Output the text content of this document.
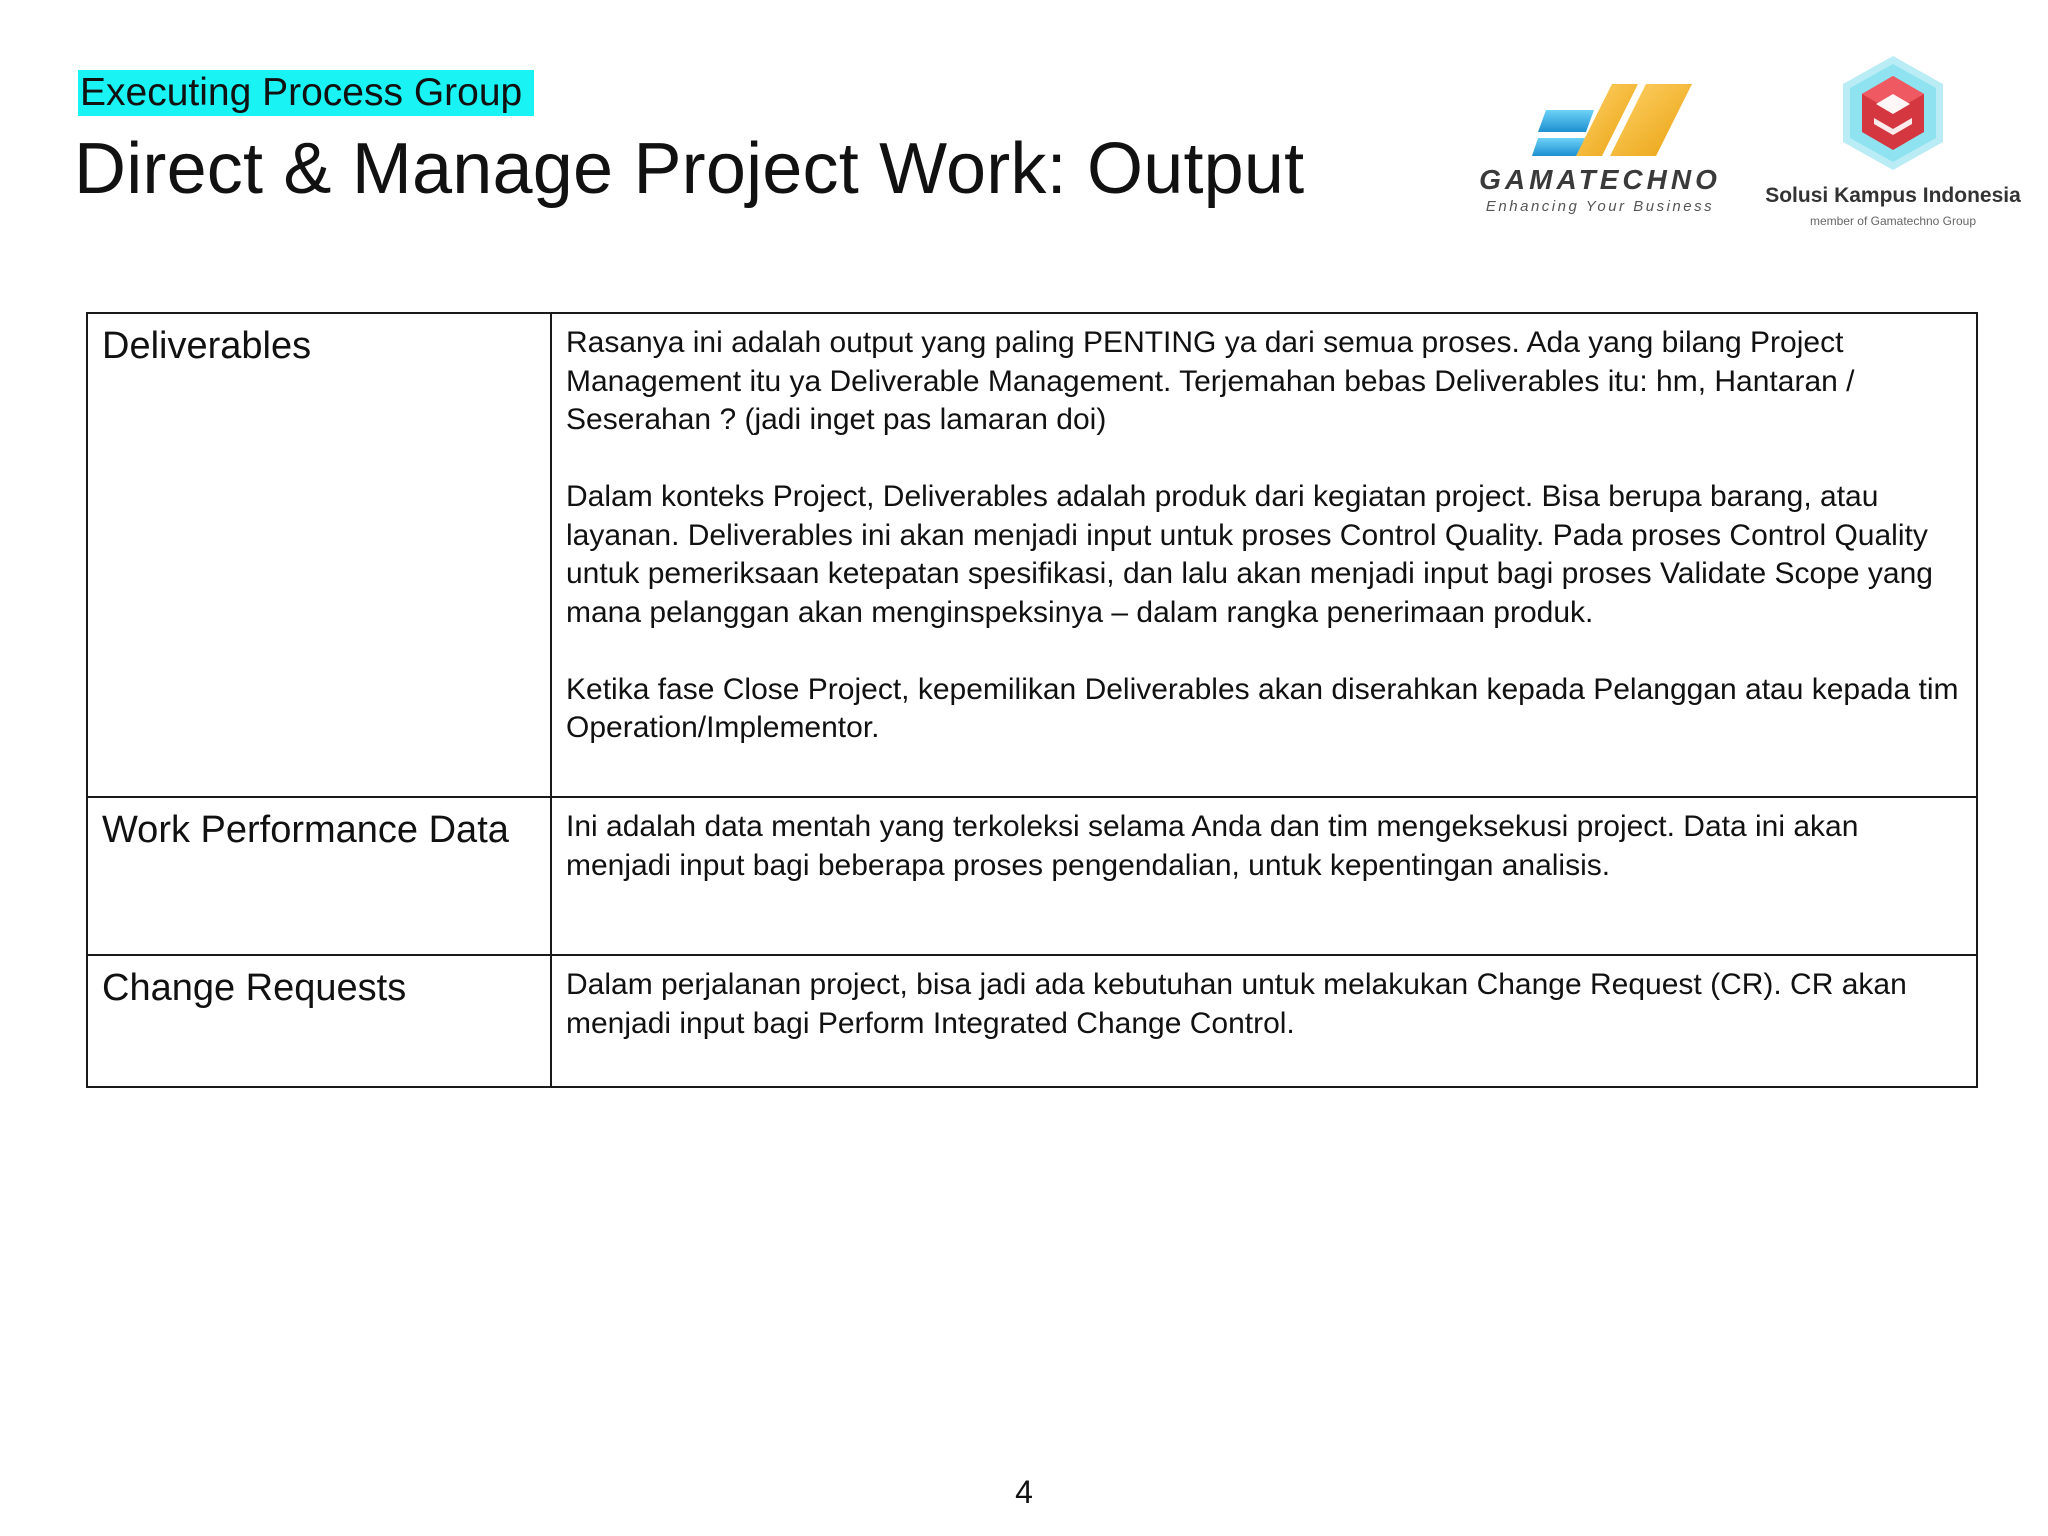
Executing Process Group
Direct & Manage Project Work: Output	GAMATECHNO
Enhancing Your Business	Solusi Kampus Indonesia
member of Gamatechno Group
Deliverables	Rasanya ini adalah output yang paling PENTING ya dari semua proses. Ada yang bilang Project Management itu ya Deliverable Management. Terjemahan bebas Deliverables itu: hm, Hantaran / Seserahan ? (jadi inget pas lamaran doi)

Dalam konteks Project, Deliverables adalah produk dari kegiatan project. Bisa berupa barang, atau layanan. Deliverables ini akan menjadi input untuk proses Control Quality. Pada proses Control Quality untuk pemeriksaan ketepatan spesifikasi, dan lalu akan menjadi input bagi proses Validate Scope yang mana pelanggan akan menginspeksinya – dalam rangka penerimaan produk.

Ketika fase Close Project, kepemilikan Deliverables akan diserahkan kepada Pelanggan atau kepada tim Operation/Implementor.

Work Performance Data	Ini adalah data mentah yang terkoleksi selama Anda dan tim mengeksekusi project. Data ini akan menjadi input bagi beberapa proses pengendalian, untuk kepentingan analisis.

Change Requests	Dalam perjalanan project, bisa jadi ada kebutuhan untuk melakukan Change Request (CR). CR akan menjadi input bagi Perform Integrated Change Control.

4
